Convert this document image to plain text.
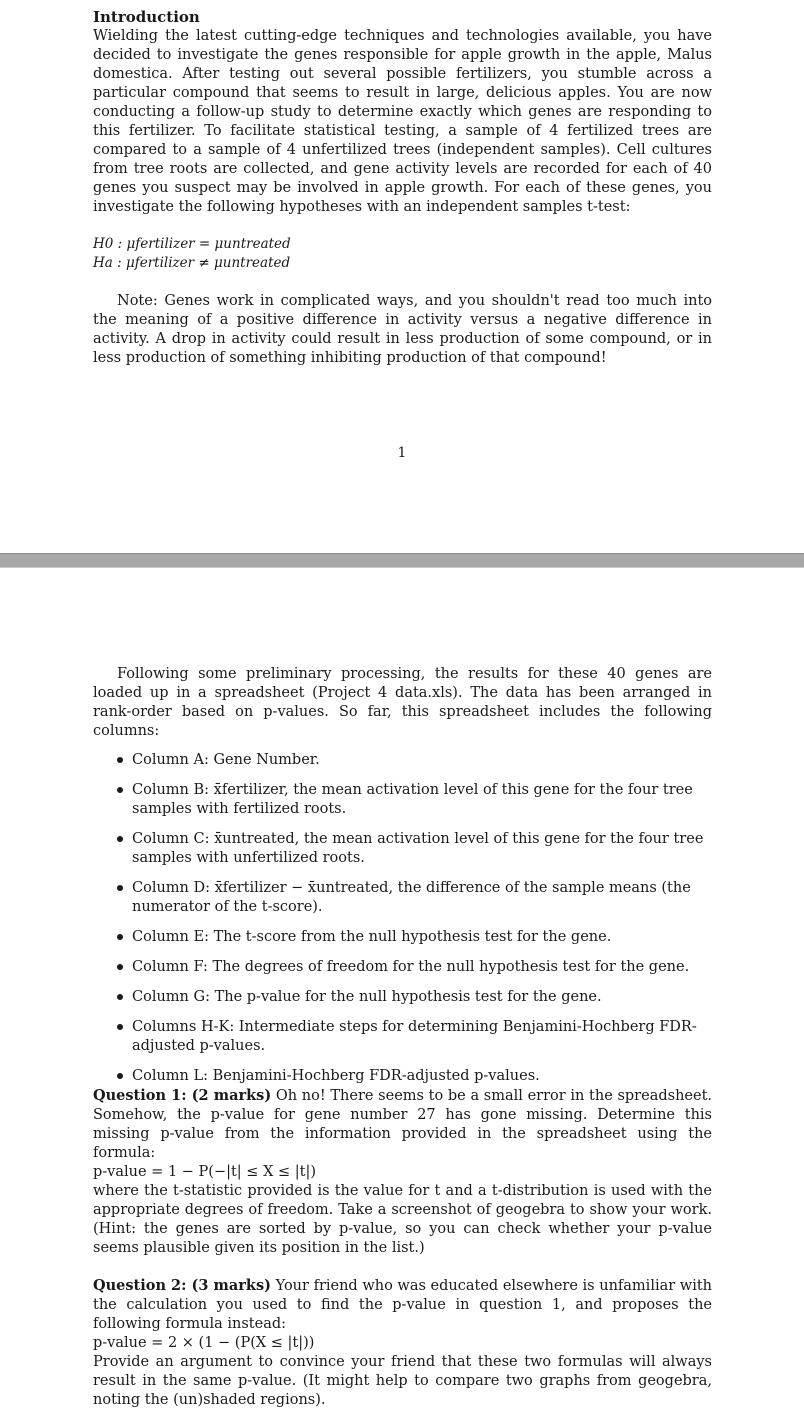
Introduction

Wielding the latest cutting-edge techniques and technologies available, you have decided to investigate the genes responsible for apple growth in the apple, Malus domestica. After testing out several possible fertilizers, you stumble across a particular compound that seems to result in large, delicious apples. You are now conducting a follow-up study to determine exactly which genes are responding to this fertilizer. To facilitate statistical testing, a sample of 4 fertilized trees are compared to a sample of 4 unfertilized trees (independent samples). Cell cultures from tree roots are collected, and gene activity levels are recorded for each of 40 genes you suspect may be involved in apple growth. For each of these genes, you investigate the following hypotheses with an independent samples t-test:

H0 : μfertilizer = μuntreated

Ha : μfertilizer ≠ μuntreated

Note: Genes work in complicated ways, and you shouldn't read too much into the meaning of a positive difference in activity versus a negative difference in activity. A drop in activity could result in less production of some compound, or in less production of something inhibiting production of that compound!

1

Following some preliminary processing, the results for these 40 genes are loaded up in a spreadsheet (Project 4 data.xls). The data has been arranged in rank-order based on p-values. So far, this spreadsheet includes the following columns:

Column A: Gene Number.
Column B: x̄fertilizer, the mean activation level of this gene for the four tree samples with fertilized roots.
Column C: x̄untreated, the mean activation level of this gene for the four tree samples with unfertilized roots.
Column D: x̄fertilizer − x̄untreated, the difference of the sample means (the numerator of the t-score).
Column E: The t-score from the null hypothesis test for the gene.
Column F: The degrees of freedom for the null hypothesis test for the gene.
Column G: The p-value for the null hypothesis test for the gene.
Columns H-K: Intermediate steps for determining Benjamini-Hochberg FDR-adjusted p-values.
Column L: Benjamini-Hochberg FDR-adjusted p-values.

Question 1: (2 marks) Oh no! There seems to be a small error in the spreadsheet. Somehow, the p-value for gene number 27 has gone missing. Determine this missing p-value from the information provided in the spreadsheet using the formula:

p-value = 1 − P(−|t| ≤ X ≤ |t|)

where the t-statistic provided is the value for t and a t-distribution is used with the appropriate degrees of freedom. Take a screenshot of geogebra to show your work. (Hint: the genes are sorted by p-value, so you can check whether your p-value seems plausible given its position in the list.)

Question 2: (3 marks) Your friend who was educated elsewhere is unfamiliar with the calculation you used to find the p-value in question 1, and proposes the following formula instead:

p-value = 2 × (1 − (P(X ≤ |t|))

Provide an argument to convince your friend that these two formulas will always result in the same p-value. (It might help to compare two graphs from geogebra, noting the (un)shaded regions).
